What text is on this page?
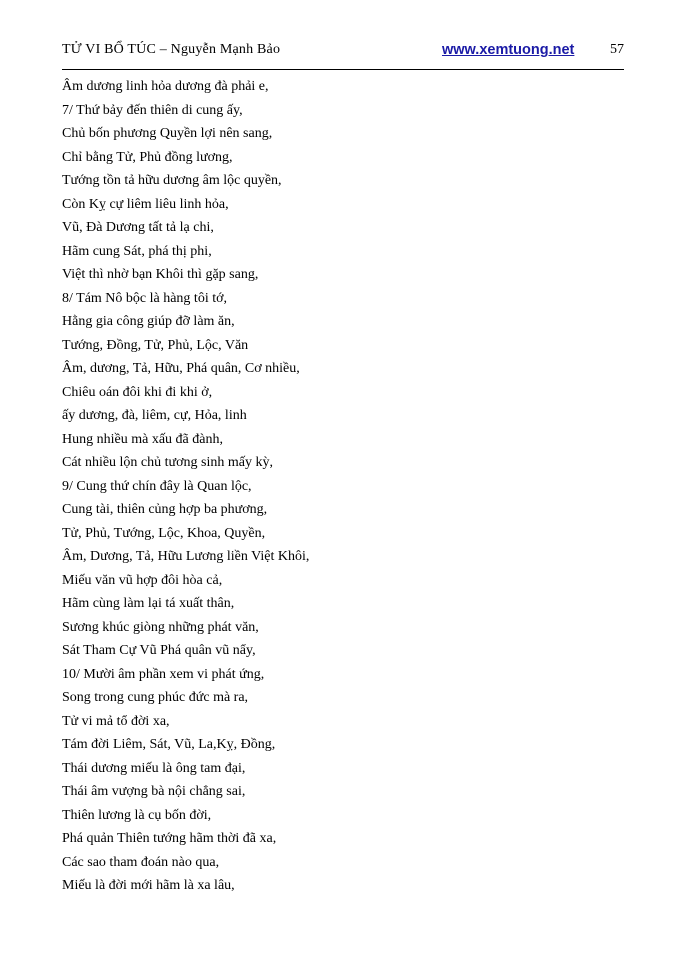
TỬ VI BỔ TÚC – Nguyễn Mạnh Bảo	www.xemtuong.net	57
Âm dương linh hỏa dương đà phải e,
7/ Thứ bảy đến thiên di cung ấy,
Chủ bốn phương Quyền lợi nên sang,
Chỉ bằng Tử, Phủ đồng lương,
Tướng tồn tả hữu dương âm lộc quyền,
Còn Kỵ cự liêm liêu linh hỏa,
Vũ, Đà Dương tất tả lạ chi,
Hãm cung Sát, phá thị phi,
Việt thì nhờ bạn Khôi thì gặp sang,
8/ Tám Nô bộc là hàng tôi tớ,
Hằng gia công giúp đỡ làm ăn,
Tướng, Đồng, Tử, Phủ, Lộc, Văn
Âm, dương, Tả, Hữu, Phá quân, Cơ nhiều,
Chiêu oán đôi khi đi khi ở,
ấy dương, đà, liêm, cự, Hỏa, linh
Hung nhiều mà xấu đã đành,
Cát nhiều lộn chủ tương sinh mấy kỳ,
9/ Cung thứ chín đây là Quan lộc,
Cung tài, thiên củng hợp ba phương,
Tử, Phủ, Tướng, Lộc, Khoa, Quyền,
Âm, Dương, Tả, Hữu Lương liền Việt Khôi,
Miếu văn vũ hợp đôi hòa cả,
Hãm cùng làm lại tá xuất thân,
Sương khúc giòng những phát văn,
Sát Tham Cự Vũ Phá quân vũ nẩy,
10/ Mười âm phần xem vi phát ứng,
Song trong cung phúc đức mà ra,
Tử vi mả tổ đời xa,
Tám đời Liêm, Sát, Vũ, La,Kỵ, Đồng,
Thái dương miếu là ông tam đại,
Thái âm vượng bà nội chẳng sai,
Thiên lương là cụ bốn đời,
Phá quản Thiên tướng hãm thời đã xa,
Các sao tham đoán nào qua,
Miếu là đời mới hãm là xa lâu,
